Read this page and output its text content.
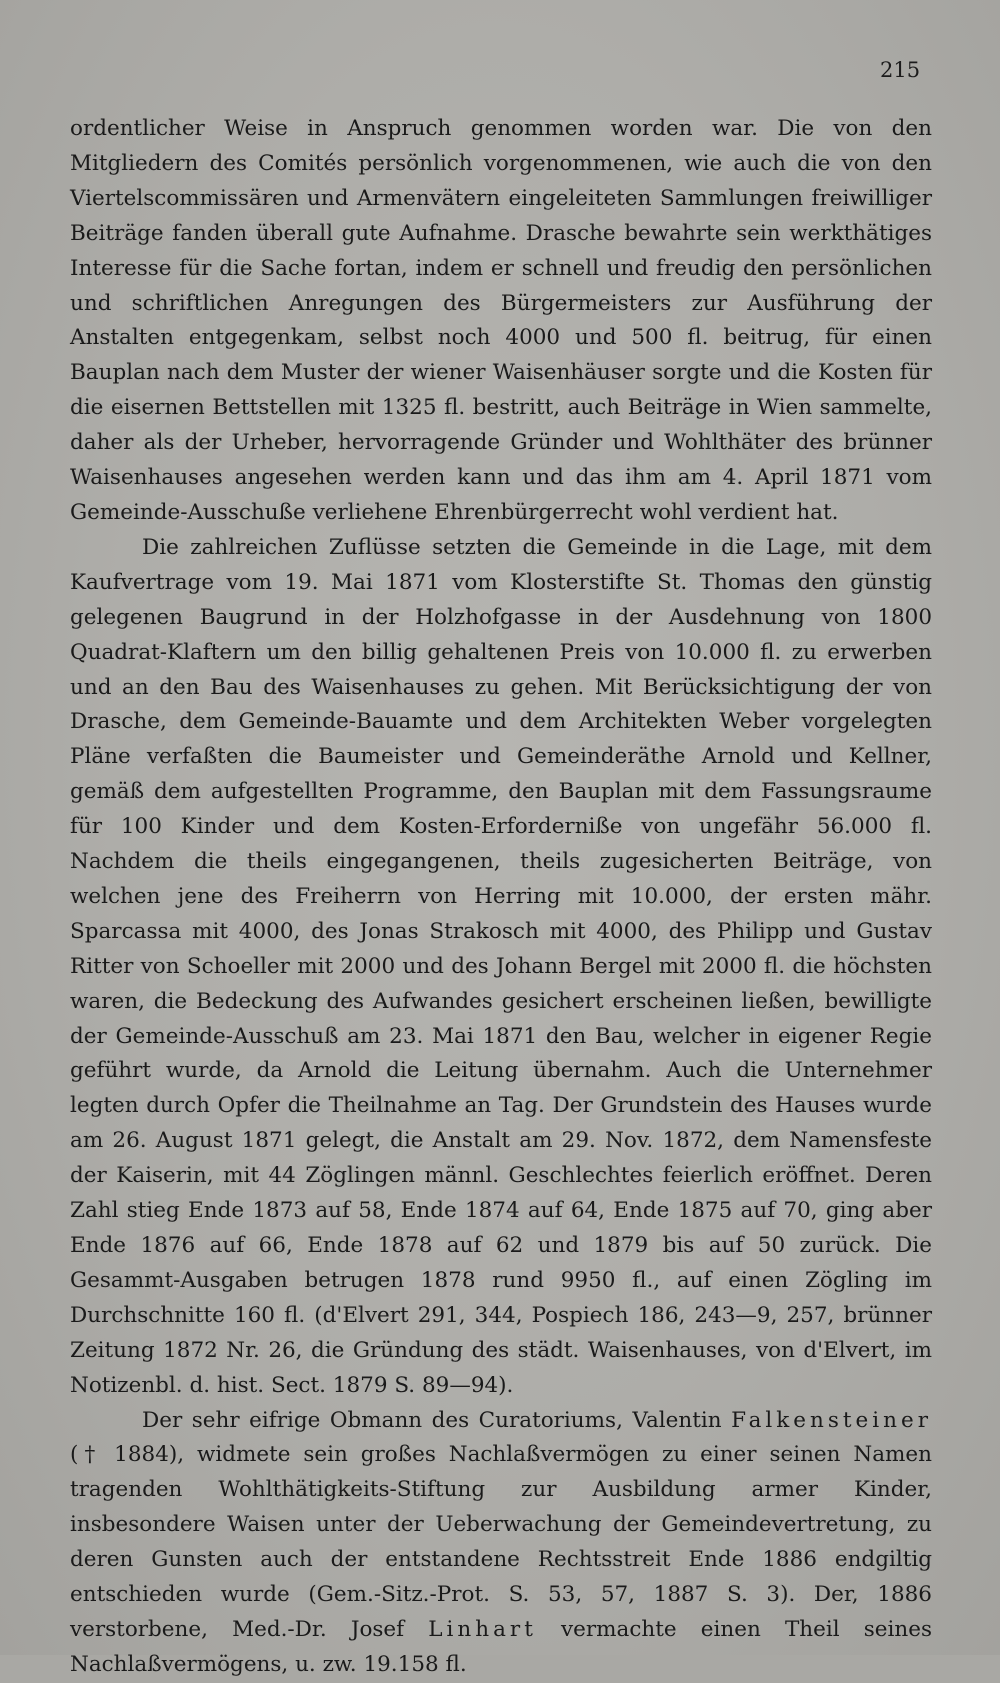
215

ordentlicher Weise in Anspruch genommen worden war. Die von den Mitgliedern des Comités persönlich vorgenommenen, wie auch die von den Viertelscommissären und Armenvätern eingeleiteten Sammlungen freiwilliger Beiträge fanden überall gute Aufnahme. Drasche bewahrte sein werkthätiges Interesse für die Sache fortan, indem er schnell und freudig den persönlichen und schriftlichen Anregungen des Bürgermeisters zur Ausführung der Anstalten entgegenkam, selbst noch 4000 und 500 fl. beitrug, für einen Bauplan nach dem Muster der wiener Waisenhäuser sorgte und die Kosten für die eisernen Bettstellen mit 1325 fl. bestritt, auch Beiträge in Wien sammelte, daher als der Urheber, hervorragende Gründer und Wohlthäter des brünner Waisenhauses angesehen werden kann und das ihm am 4. April 1871 vom Gemeinde-Ausschuße verliehene Ehrenbürgerrecht wohl verdient hat.

Die zahlreichen Zuflüsse setzten die Gemeinde in die Lage, mit dem Kaufvertrage vom 19. Mai 1871 vom Klosterstifte St. Thomas den günstig gelegenen Baugrund in der Holzhofgasse in der Ausdehnung von 1800 Quadrat-Klaftern um den billig gehaltenen Preis von 10.000 fl. zu erwerben und an den Bau des Waisenhauses zu gehen. Mit Berücksichtigung der von Drasche, dem Gemeinde-Bauamte und dem Architekten Weber vorgelegten Pläne verfaßten die Baumeister und Gemeinderäthe Arnold und Kellner, gemäß dem aufgestellten Programme, den Bauplan mit dem Fassungsraume für 100 Kinder und dem Kosten-Erforderniße von ungefähr 56.000 fl. Nachdem die theils eingegangenen, theils zugesicherten Beiträge, von welchen jene des Freiherrn von Herring mit 10.000, der ersten mähr. Sparcassa mit 4000, des Jonas Strakosch mit 4000, des Philipp und Gustav Ritter von Schoeller mit 2000 und des Johann Bergel mit 2000 fl. die höchsten waren, die Bedeckung des Aufwandes gesichert erscheinen ließen, bewilligte der Gemeinde-Ausschuß am 23. Mai 1871 den Bau, welcher in eigener Regie geführt wurde, da Arnold die Leitung übernahm. Auch die Unternehmer legten durch Opfer die Theilnahme an Tag. Der Grundstein des Hauses wurde am 26. August 1871 gelegt, die Anstalt am 29. Nov. 1872, dem Namensfeste der Kaiserin, mit 44 Zöglingen männl. Geschlechtes feierlich eröffnet. Deren Zahl stieg Ende 1873 auf 58, Ende 1874 auf 64, Ende 1875 auf 70, ging aber Ende 1876 auf 66, Ende 1878 auf 62 und 1879 bis auf 50 zurück. Die Gesammt-Ausgaben betrugen 1878 rund 9950 fl., auf einen Zögling im Durchschnitte 160 fl. (d'Elvert 291, 344, Pospiech 186, 243—9, 257, brünner Zeitung 1872 Nr. 26, die Gründung des städt. Waisenhauses, von d'Elvert, im Notizenbl. d. hist. Sect. 1879 S. 89—94).

Der sehr eifrige Obmann des Curatoriums, Valentin Falkensteiner († 1884), widmete sein großes Nachlaßvermögen zu einer seinen Namen tragenden Wohlthätigkeits-Stiftung zur Ausbildung armer Kinder, insbesondere Waisen unter der Ueberwachung der Gemeindevertretung, zu deren Gunsten auch der entstandene Rechtsstreit Ende 1886 endgiltig entschieden wurde (Gem.-Sitz.-Prot. S. 53, 57, 1887 S. 3). Der, 1886 verstorbene, Med.-Dr. Josef Linhart vermachte einen Theil seines Nachlaßvermögens, u. zw. 19.158 fl.
